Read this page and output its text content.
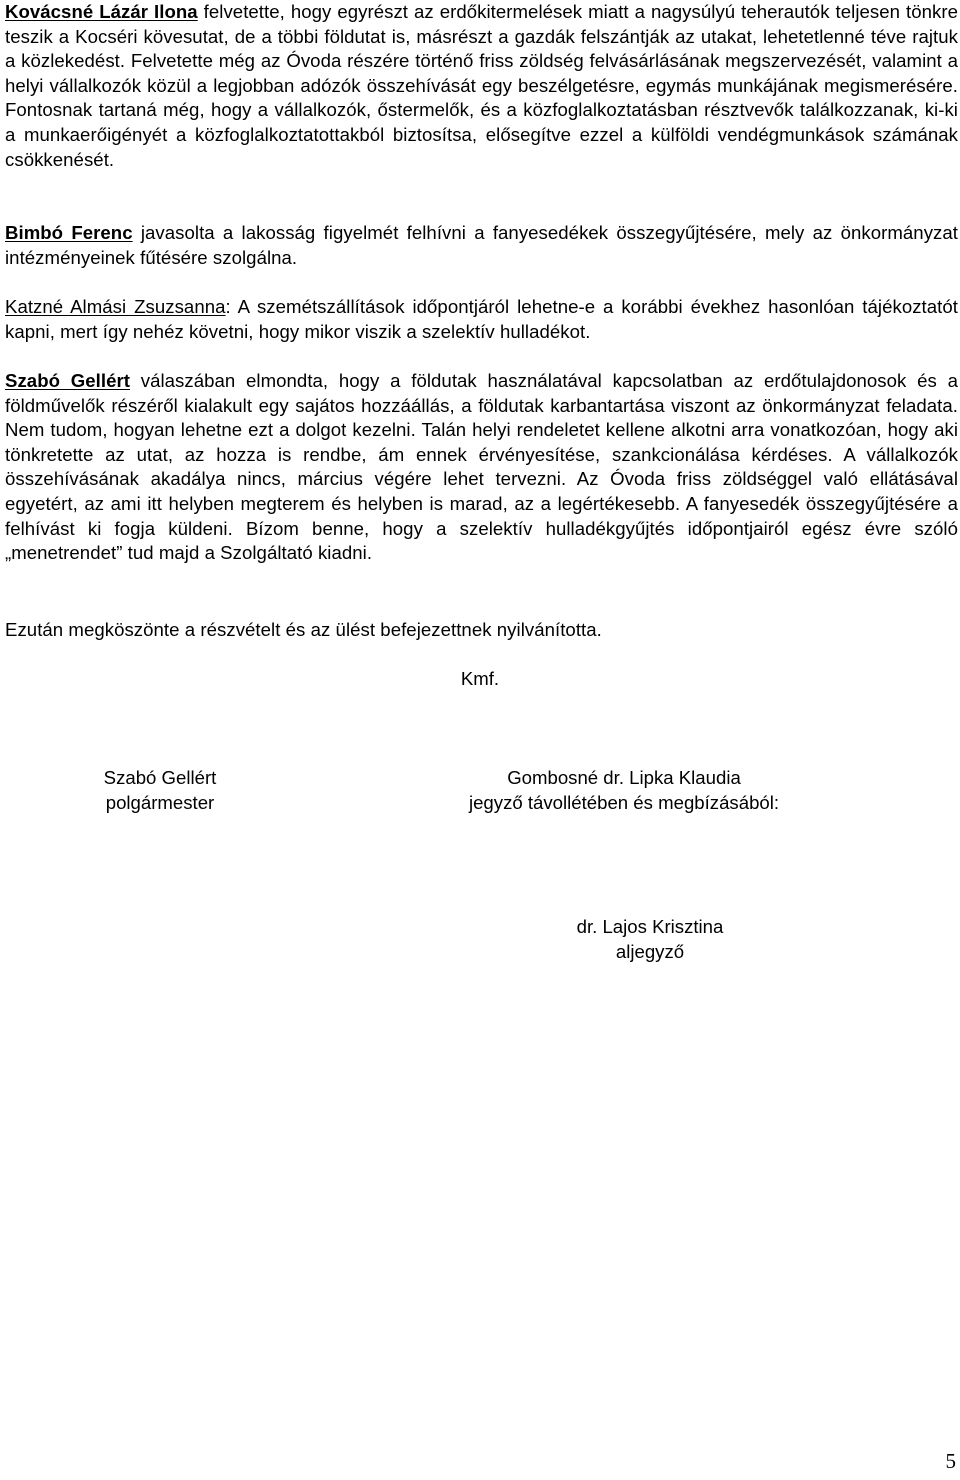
Kovácsné Lázár Ilona felvetette, hogy egyrészt az erdőkitermelések miatt a nagysúlyú teherautók teljesen tönkre teszik a Kocséri kövesutat, de a többi földutat is, másrészt a gazdák felszántják az utakat, lehetetlenné téve rajtuk a közlekedést. Felvetette még az Óvoda részére történő friss zöldség felvásárlásának megszervezését, valamint a helyi vállalkozók közül a legjobban adózók összehívását egy beszélgetésre, egymás munkájának megismerésére. Fontosnak tartaná még, hogy a vállalkozók, őstermelők, és a közfoglalkoztatásban résztvevők találkozzanak, ki-ki a munkaerőigényét a közfoglalkoztatottakból biztosítsa, elősegítve ezzel a külföldi vendégmunkások számának csökkenését.

Bimbó Ferenc javasolta a lakosság figyelmét felhívni a fanyesedékek összegyűjtésére, mely az önkormányzat intézményeinek fűtésére szolgálna.

Katzné Almási Zsuzsanna: A szemétszállítások időpontjáról lehetne-e a korábbi évekhez hasonlóan tájékoztatót kapni, mert így nehéz követni, hogy mikor viszik a szelektív hulladékot.

Szabó Gellért válaszában elmondta, hogy a földutak használatával kapcsolatban az erdőtulajdonosok és a földművelők részéről kialakult egy sajátos hozzáállás, a földutak karbantartása viszont az önkormányzat feladata. Nem tudom, hogyan lehetne ezt a dolgot kezelni. Talán helyi rendeletet kellene alkotni arra vonatkozóan, hogy aki tönkretette az utat, az hozza is rendbe, ám ennek érvényesítése, szankcionálása kérdéses. A vállalkozók összehívásának akadálya nincs, március végére lehet tervezni. Az Óvoda friss zöldséggel való ellátásával egyetért, az ami itt helyben megterem és helyben is marad, az a legértékesebb. A fanyesedék összegyűjtésére a felhívást ki fogja küldeni. Bízom benne, hogy a szelektív hulladékgyűjtés időpontjairól egész évre szóló „menetrendet” tud majd a Szolgáltató kiadni.

Ezután megköszönte a részvételt és az ülést befejezettnek nyilvánította.

Kmf.
Szabó Gellért
polgármester
Gombosné dr. Lipka Klaudia
jegyző távollétében és megbízásából:
dr. Lajos Krisztina
aljegyző
5
